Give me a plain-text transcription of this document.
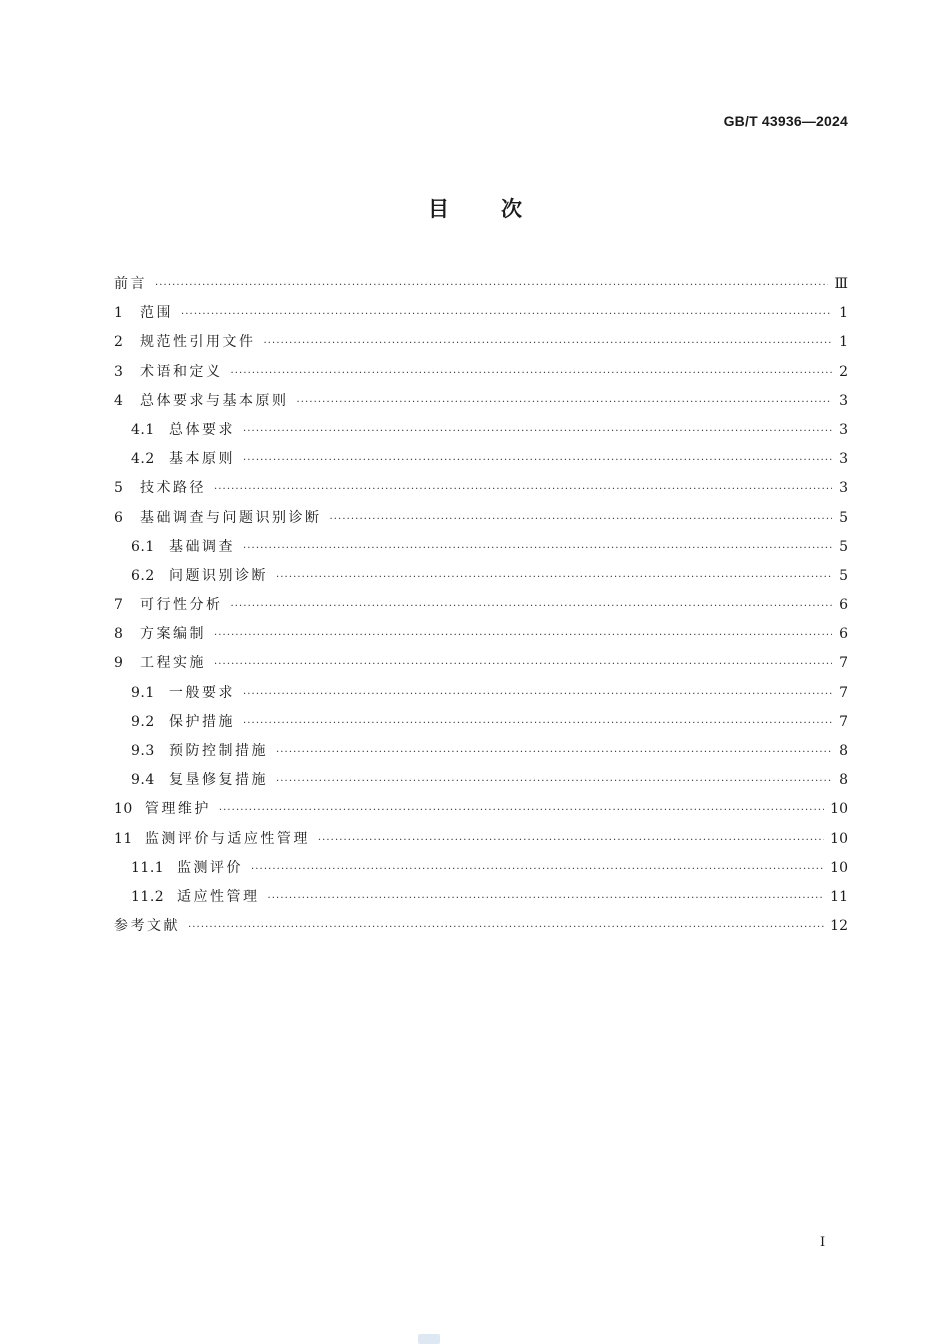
GB/T 43936—2024
目 次
前言 ·····	Ⅲ
1	范围 ·····	1
2	规范性引用文件 ·····	1
3	术语和定义 ·····	2
4	总体要求与基本原则 ·····	3
4.1 总体要求 ·····	3
4.2 基本原则 ·····	3
5	技术路径 ·····	3
6	基础调查与问题识别诊断 ·····	5
6.1 基础调查 ·····	5
6.2 问题识别诊断 ·····	5
7	可行性分析 ·····	6
8	方案编制 ·····	6
9	工程实施 ·····	7
9.1 一般要求 ·····	7
9.2 保护措施 ·····	7
9.3 预防控制措施 ·····	8
9.4 复垦修复措施 ·····	8
10 管理维护 ·····	10
11 监测评价与适应性管理 ·····	10
11.1 监测评价 ·····	10
11.2 适应性管理 ·····	11
参考文献 ·····	12
Ⅰ
